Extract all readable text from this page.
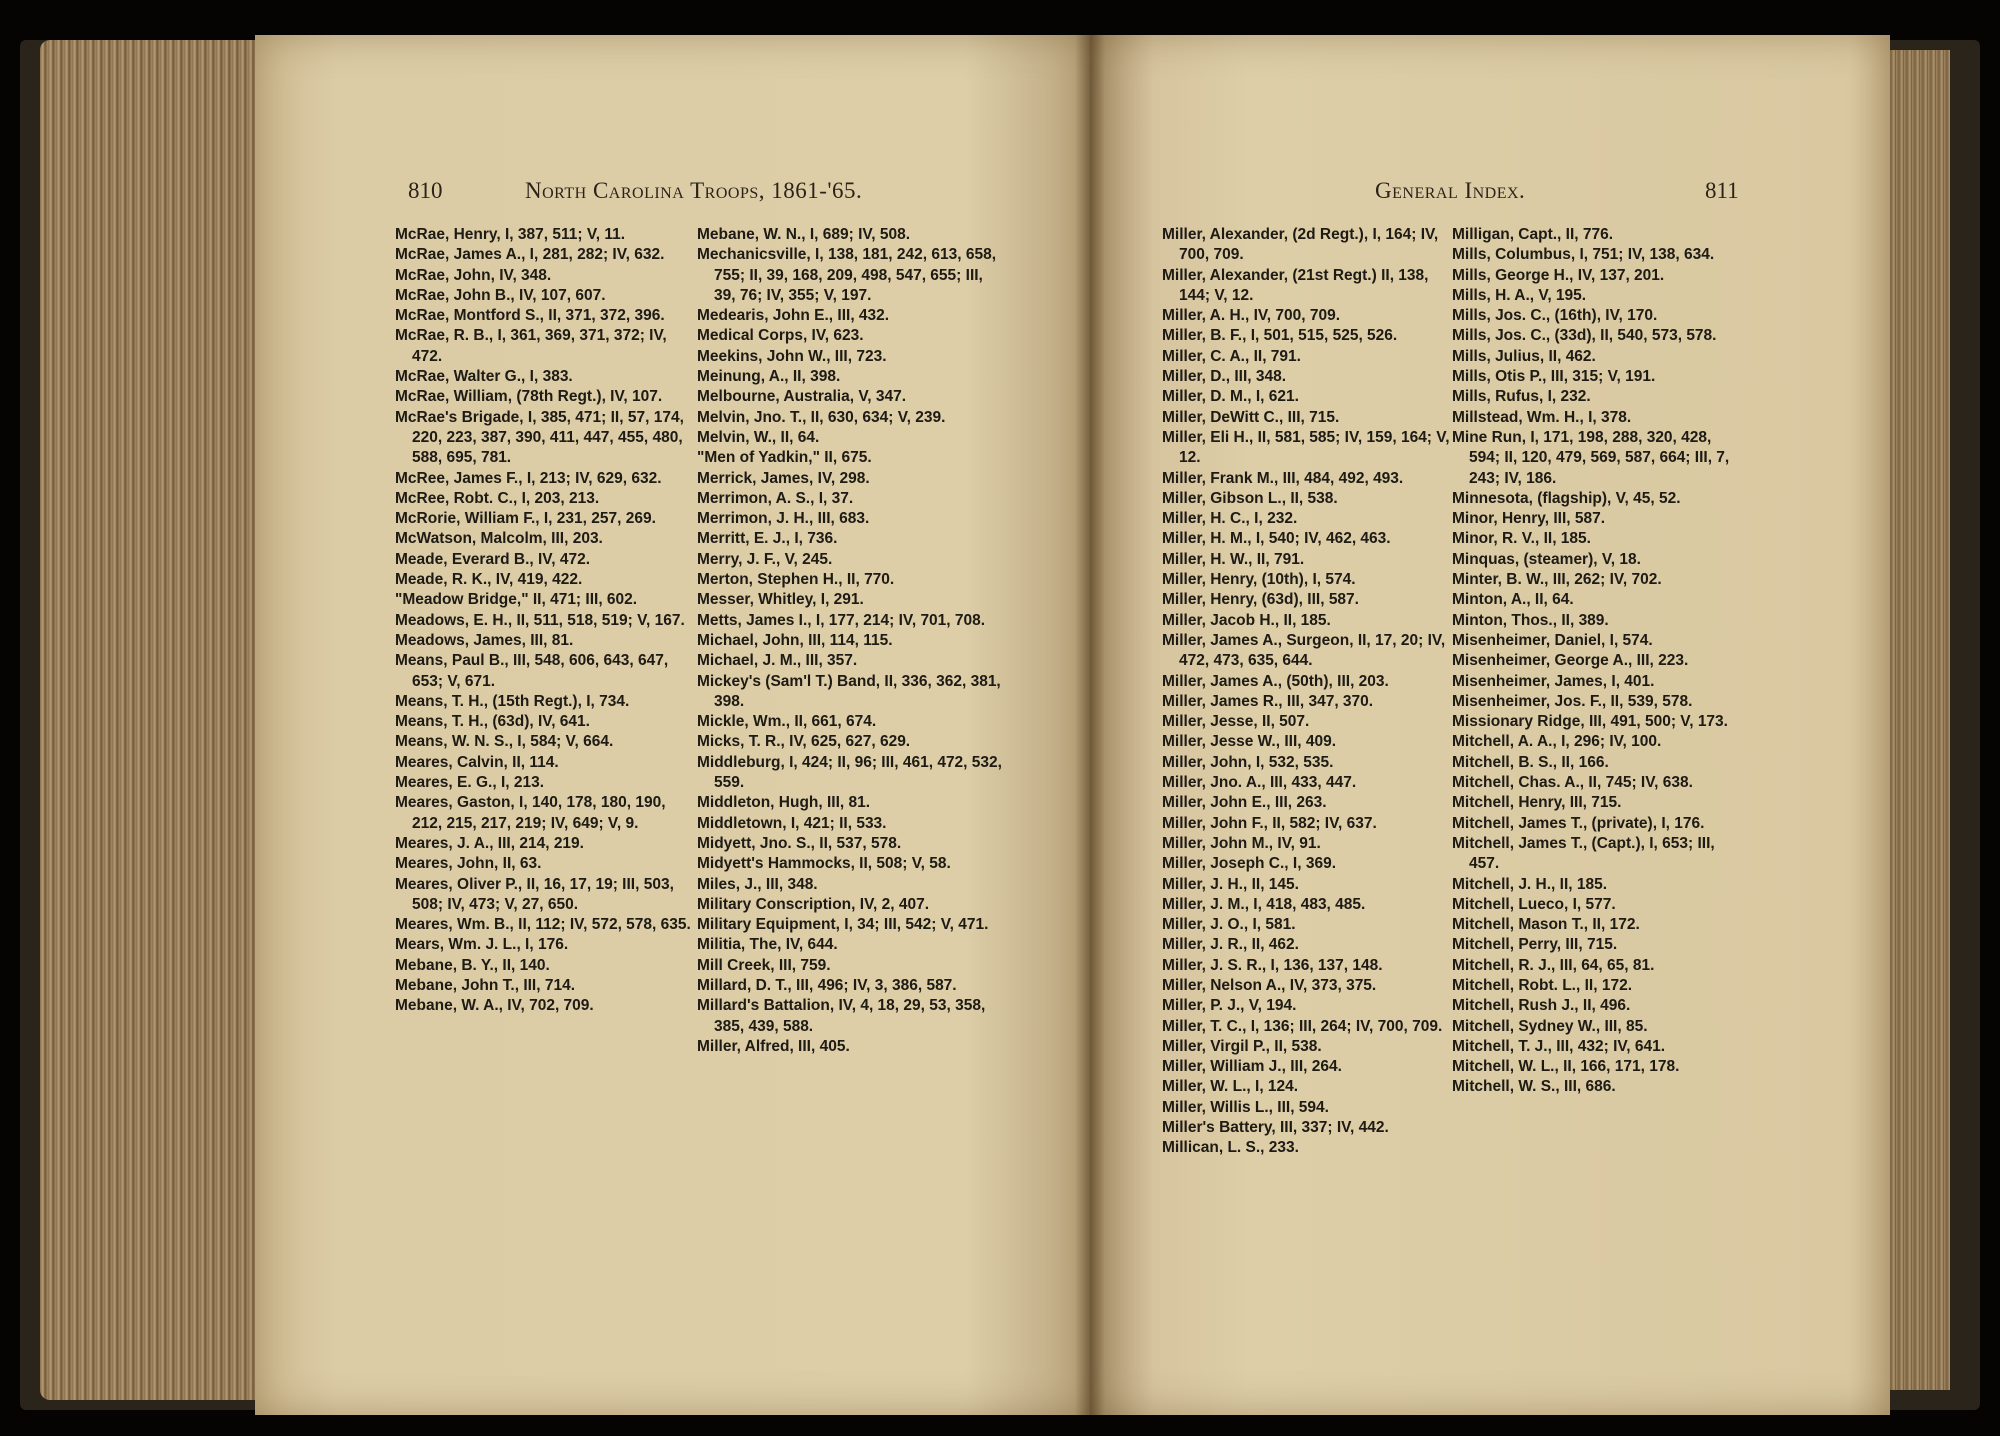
810	North Carolina Troops, 1861-'65.	General Index.	811
McRae, Henry, I, 387, 511; V, 11.
McRae, James A., I, 281, 282; IV, 632.
McRae, John, IV, 348.
McRae, John B., IV, 107, 607.
McRae, Montford S., II, 371, 372, 396.
McRae, R. B., I, 361, 369, 371, 372; IV, 472.
McRae, Walter G., I, 383.
McRae, William, (78th Regt.), IV, 107.
McRae's Brigade, I, 385, 471; II, 57, 174, 220, 223, 387, 390, 411, 447, 455, 480, 588, 695, 781.
McRee, James F., I, 213; IV, 629, 632.
McRee, Robt. C., I, 203, 213.
McRorie, William F., I, 231, 257, 269.
McWatson, Malcolm, III, 203.
Meade, Everard B., IV, 472.
Meade, R. K., IV, 419, 422.
"Meadow Bridge," II, 471; III, 602.
Meadows, E. H., II, 511, 518, 519; V, 167.
Meadows, James, III, 81.
Means, Paul B., III, 548, 606, 643, 647, 653; V, 671.
Means, T. H., (15th Regt.), I, 734.
Means, T. H., (63d), IV, 641.
Means, W. N. S., I, 584; V, 664.
Meares, Calvin, II, 114.
Meares, E. G., I, 213.
Meares, Gaston, I, 140, 178, 180, 190, 212, 215, 217, 219; IV, 649; V, 9.
Meares, J. A., III, 214, 219.
Meares, John, II, 63.
Meares, Oliver P., II, 16, 17, 19; III, 503, 508; IV, 473; V, 27, 650.
Meares, Wm. B., II, 112; IV, 572, 578, 635.
Mears, Wm. J. L., I, 176.
Mebane, B. Y., II, 140.
Mebane, John T., III, 714.
Mebane, W. A., IV, 702, 709.
Mebane, W. N., I, 689; IV, 508.
Mechanicsville, I, 138, 181, 242, 613, 658, 755; II, 39, 168, 209, 498, 547, 655; III, 39, 76; IV, 355; V, 197.
Medearis, John E., III, 432.
Medical Corps, IV, 623.
Meekins, John W., III, 723.
Meinung, A., II, 398.
Melbourne, Australia, V, 347.
Melvin, Jno. T., II, 630, 634; V, 239.
Melvin, W., II, 64.
"Men of Yadkin," II, 675.
Merrick, James, IV, 298.
Merrimon, A. S., I, 37.
Merrimon, J. H., III, 683.
Merritt, E. J., I, 736.
Merry, J. F., V, 245.
Merton, Stephen H., II, 770.
Messer, Whitley, I, 291.
Metts, James I., I, 177, 214; IV, 701, 708.
Michael, John, III, 114, 115.
Michael, J. M., III, 357.
Mickey's (Sam'l T.) Band, II, 336, 362, 381, 398.
Mickle, Wm., II, 661, 674.
Micks, T. R., IV, 625, 627, 629.
Middleburg, I, 424; II, 96; III, 461, 472, 532, 559.
Middleton, Hugh, III, 81.
Middletown, I, 421; II, 533.
Midyett, Jno. S., II, 537, 578.
Midyett's Hammocks, II, 508; V, 58.
Miles, J., III, 348.
Military Conscription, IV, 2, 407.
Military Equipment, I, 34; III, 542; V, 471.
Militia, The, IV, 644.
Mill Creek, III, 759.
Millard, D. T., III, 496; IV, 3, 386, 587.
Millard's Battalion, IV, 4, 18, 29, 53, 358, 385, 439, 588.
Miller, Alfred, III, 405.
Miller, Alexander, (2d Regt.), I, 164; IV, 700, 709.
Miller, Alexander, (21st Regt.) II, 138, 144; V, 12.
Miller, A. H., IV, 700, 709.
Miller, B. F., I, 501, 515, 525, 526.
Miller, C. A., II, 791.
Miller, D., III, 348.
Miller, D. M., I, 621.
Miller, DeWitt C., III, 715.
Miller, Eli H., II, 581, 585; IV, 159, 164; V, 12.
Miller, Frank M., III, 484, 492, 493.
Miller, Gibson L., II, 538.
Miller, H. C., I, 232.
Miller, H. M., I, 540; IV, 462, 463.
Miller, H. W., II, 791.
Miller, Henry, (10th), I, 574.
Miller, Henry, (63d), III, 587.
Miller, Jacob H., II, 185.
Miller, James A., Surgeon, II, 17, 20; IV, 472, 473, 635, 644.
Miller, James A., (50th), III, 203.
Miller, James R., III, 347, 370.
Miller, Jesse, II, 507.
Miller, Jesse W., III, 409.
Miller, John, I, 532, 535.
Miller, Jno. A., III, 433, 447.
Miller, John E., III, 263.
Miller, John F., II, 582; IV, 637.
Miller, John M., IV, 91.
Miller, Joseph C., I, 369.
Miller, J. H., II, 145.
Miller, J. M., I, 418, 483, 485.
Miller, J. O., I, 581.
Miller, J. R., II, 462.
Miller, J. S. R., I, 136, 137, 148.
Miller, Nelson A., IV, 373, 375.
Miller, P. J., V, 194.
Miller, T. C., I, 136; III, 264; IV, 700, 709.
Miller, Virgil P., II, 538.
Miller, William J., III, 264.
Miller, W. L., I, 124.
Miller, Willis L., III, 594.
Miller's Battery, III, 337; IV, 442.
Millican, L. S., 233.
Milligan, Capt., II, 776.
Mills, Columbus, I, 751; IV, 138, 634.
Mills, George H., IV, 137, 201.
Mills, H. A., V, 195.
Mills, Jos. C., (16th), IV, 170.
Mills, Jos. C., (33d), II, 540, 573, 578.
Mills, Julius, II, 462.
Mills, Otis P., III, 315; V, 191.
Mills, Rufus, I, 232.
Millstead, Wm. H., I, 378.
Mine Run, I, 171, 198, 288, 320, 428, 594; II, 120, 479, 569, 587, 664; III, 7, 243; IV, 186.
Minnesota, (flagship), V, 45, 52.
Minor, Henry, III, 587.
Minor, R. V., II, 185.
Minquas, (steamer), V, 18.
Minter, B. W., III, 262; IV, 702.
Minton, A., II, 64.
Minton, Thos., II, 389.
Misenheimer, Daniel, I, 574.
Misenheimer, George A., III, 223.
Misenheimer, James, I, 401.
Misenheimer, Jos. F., II, 539, 578.
Missionary Ridge, III, 491, 500; V, 173.
Mitchell, A. A., I, 296; IV, 100.
Mitchell, B. S., II, 166.
Mitchell, Chas. A., II, 745; IV, 638.
Mitchell, Henry, III, 715.
Mitchell, James T., (private), I, 176.
Mitchell, James T., (Capt.), I, 653; III, 457.
Mitchell, J. H., II, 185.
Mitchell, Lueco, I, 577.
Mitchell, Mason T., II, 172.
Mitchell, Perry, III, 715.
Mitchell, R. J., III, 64, 65, 81.
Mitchell, Robt. L., II, 172.
Mitchell, Rush J., II, 496.
Mitchell, Sydney W., III, 85.
Mitchell, T. J., III, 432; IV, 641.
Mitchell, W. L., II, 166, 171, 178.
Mitchell, W. S., III, 686.
